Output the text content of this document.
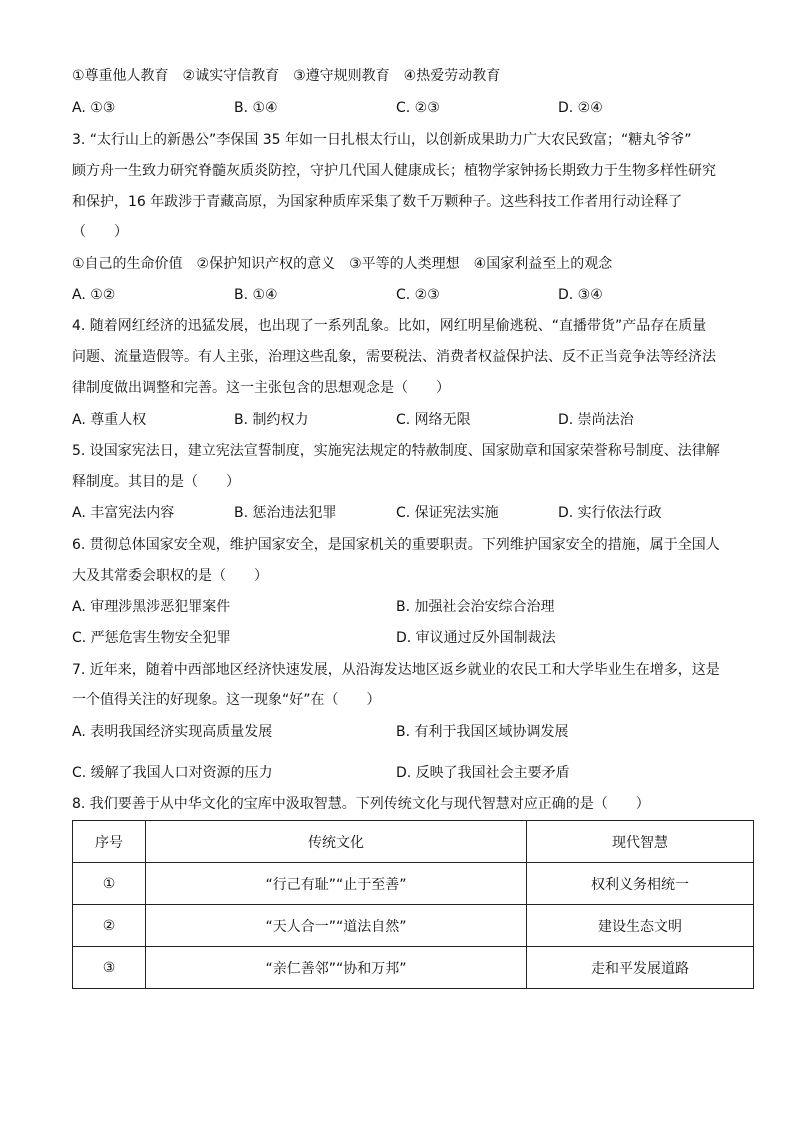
①尊重他人教育　②诚实守信教育　③遵守规则教育　④热爱劳动教育
A. ①③	B. ①④	C. ②③	D. ②④
3. “太行山上的新愚公”李保国 35 年如一日扎根太行山，以创新成果助力广大农民致富；“糖丸爷爷”
顾方舟一生致力研究脊髓灰质炎防控，守护几代国人健康成长；植物学家钟扬长期致力于生物多样性研究
和保护，16 年跋涉于青藏高原，为国家种质库采集了数千万颗种子。这些科技工作者用行动诠释了
（　　）
①自己的生命价值　②保护知识产权的意义　③平等的人类理想　④国家利益至上的观念
A. ①②	B. ①④	C. ②③	D. ③④
4. 随着网红经济的迅猛发展，也出现了一系列乱象。比如，网红明星偷逃税、“直播带货”产品存在质量
问题、流量造假等。有人主张，治理这些乱象，需要税法、消费者权益保护法、反不正当竞争法等经济法
律制度做出调整和完善。这一主张包含的思想观念是（　　）
A. 尊重人权	B. 制约权力	C. 网络无限	D. 崇尚法治
5. 设国家宪法日，建立宪法宣誓制度，实施宪法规定的特赦制度、国家勋章和国家荣誉称号制度、法律解
释制度。其目的是（　　）
A. 丰富宪法内容	B. 惩治违法犯罪	C. 保证宪法实施	D. 实行依法行政
6. 贯彻总体国家安全观，维护国家安全，是国家机关的重要职责。下列维护国家安全的措施，属于全国人
大及其常委会职权的是（　　）
A. 审理涉黑涉恶犯罪案件	B. 加强社会治安综合治理
C. 严惩危害生物安全犯罪	D. 审议通过反外国制裁法
7. 近年来，随着中西部地区经济快速发展，从沿海发达地区返乡就业的农民工和大学毕业生在增多，这是
一个值得关注的好现象。这一现象“好”在（　　）
A. 表明我国经济实现高质量发展	B. 有利于我国区域协调发展
C. 缓解了我国人口对资源的压力	D. 反映了我国社会主要矛盾
8. 我们要善于从中华文化的宝库中汲取智慧。下列传统文化与现代智慧对应正确的是（　　）
序号	传统文化	现代智慧
①	“行己有耻”“止于至善”	权利义务相统一
②	“天人合一”“道法自然”	建设生态文明
③	“亲仁善邻”“协和万邦”	走和平发展道路
